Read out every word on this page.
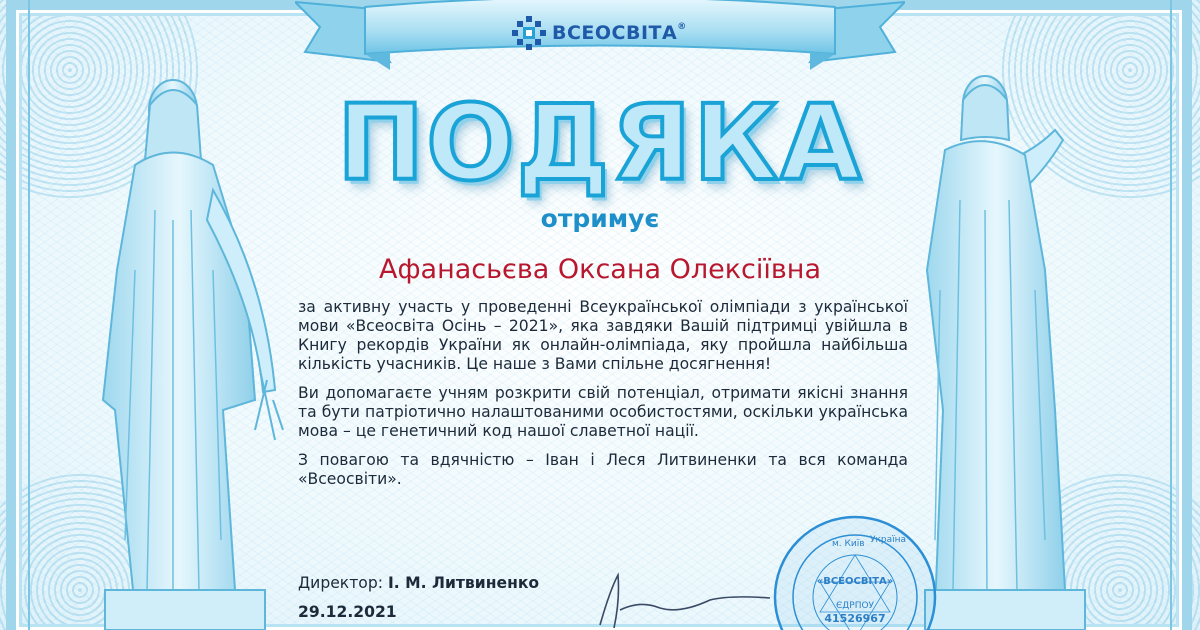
ВСЕОСВІТА®
ПОДЯКА
отримує
Афанасьєва Оксана Олексіївна

за активну участь у проведенні Всеукраїнської олімпіади з української мови «Всеосвіта Осінь – 2021», яка завдяки Вашій підтримці увійшла в Книгу рекордів України як онлайн-олімпіада, яку пройшла найбільша кількість учасників. Це наше з Вами спільне досягнення!

Ви допомагаєте учням розкрити свій потенціал, отримати якісні знання та бути патріотично налаштованими особистостями, оскільки українська мова – це генетичний код нашої славетної нації.

З повагою та вдячністю – Іван і Леся Литвиненки та вся команда «Всеосвіти».

Директор: І. М. Литвиненко
29.12.2021
«ВСЕОСВІТА»
ЄДРПОУ
41526967
м. Київ Україна
